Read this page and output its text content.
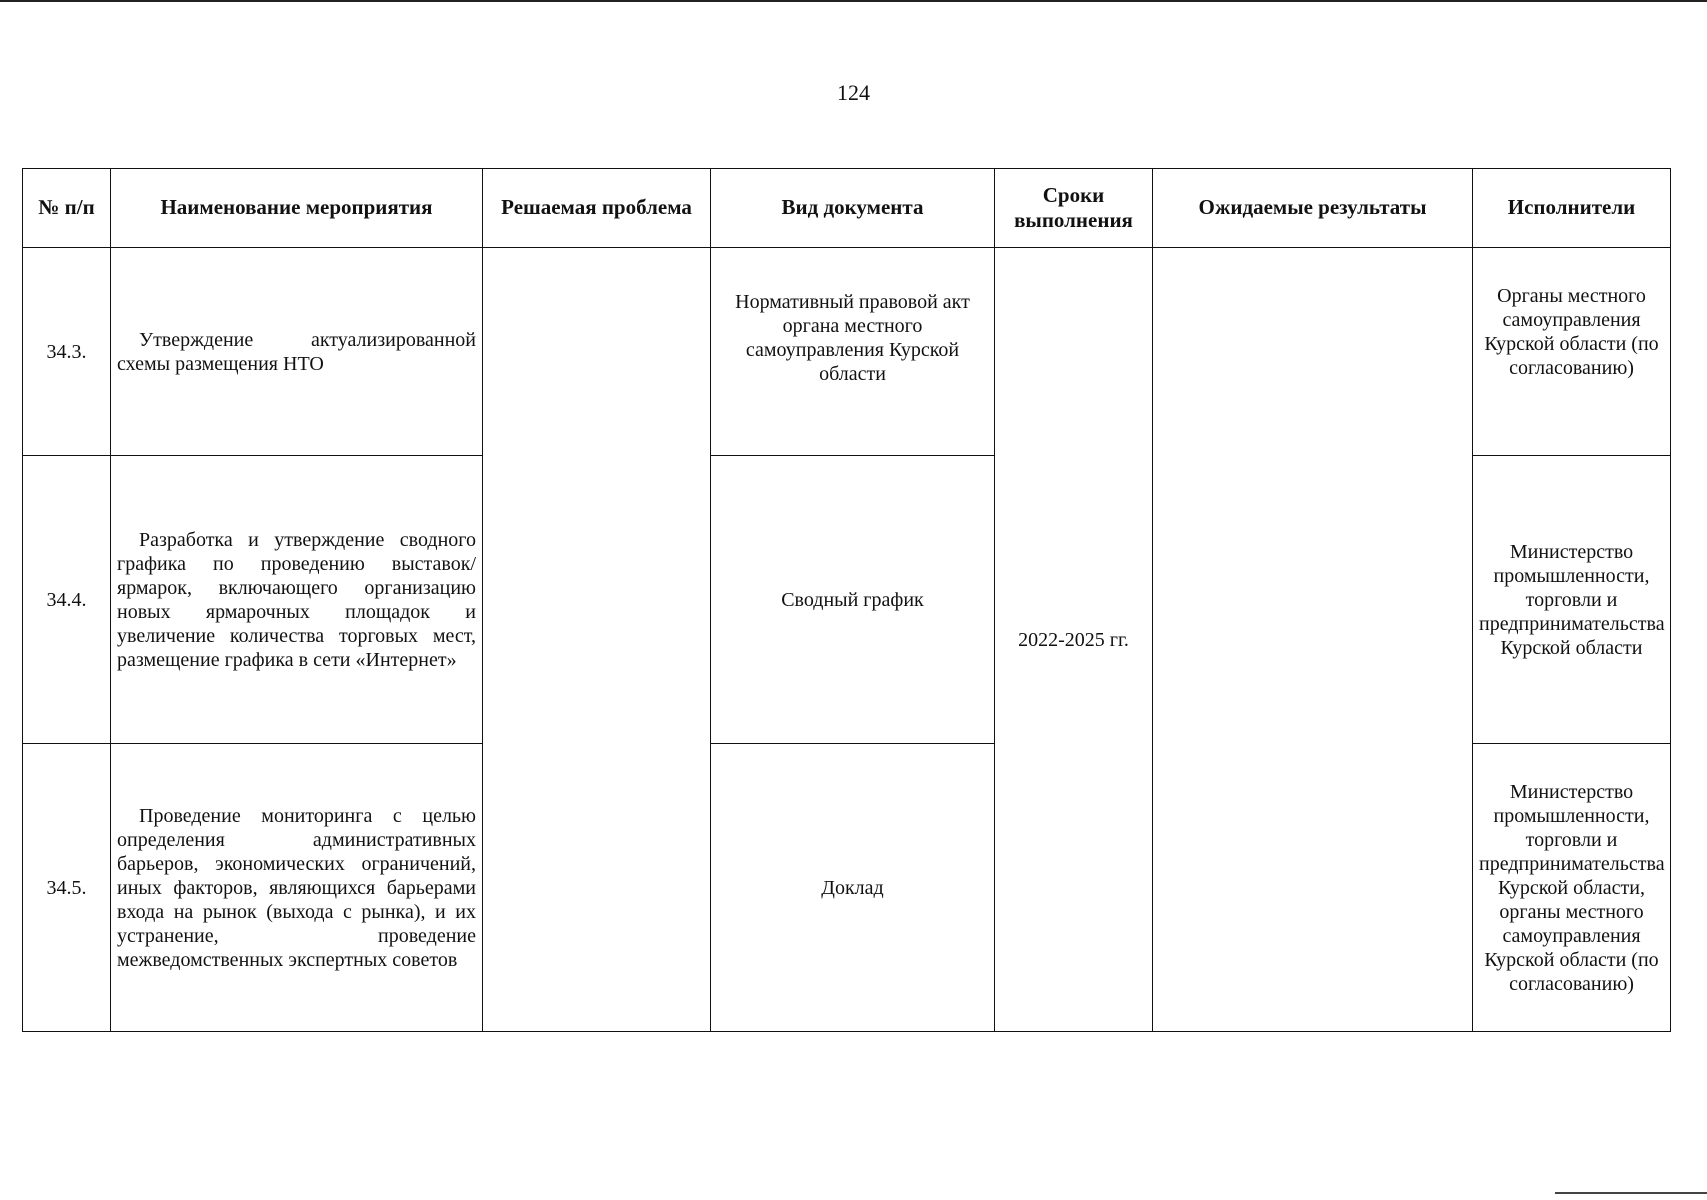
124
№ п/п	Наименование мероприятия	Решаемая проблема	Вид документа	Сроки выполнения	Ожидаемые результаты	Исполнители
34.3.	Утверждение актуализированной схемы размещения НТО		Нормативный правовой акт органа местного самоуправления Курской области	2022-2025 гг.		Органы местного самоуправления Курской области (по согласованию)
34.4.	Разработка и утверждение сводного графика по проведению выставок/ярмарок, включающего организацию новых ярмарочных площадок и увеличение количества торговых мест, размещение графика в сети «Интернет»		Сводный график			Министерство промышленности, торговли и предпринимательства Курской области
34.5.	Проведение мониторинга с целью определения административных барьеров, экономических ограничений, иных факторов, являющихся барьерами входа на рынок (выхода с рынка), и их устранение, проведение межведомственных экспертных советов		Доклад			Министерство промышленности, торговли и предпринимательства Курской области, органы местного самоуправления Курской области (по согласованию)
